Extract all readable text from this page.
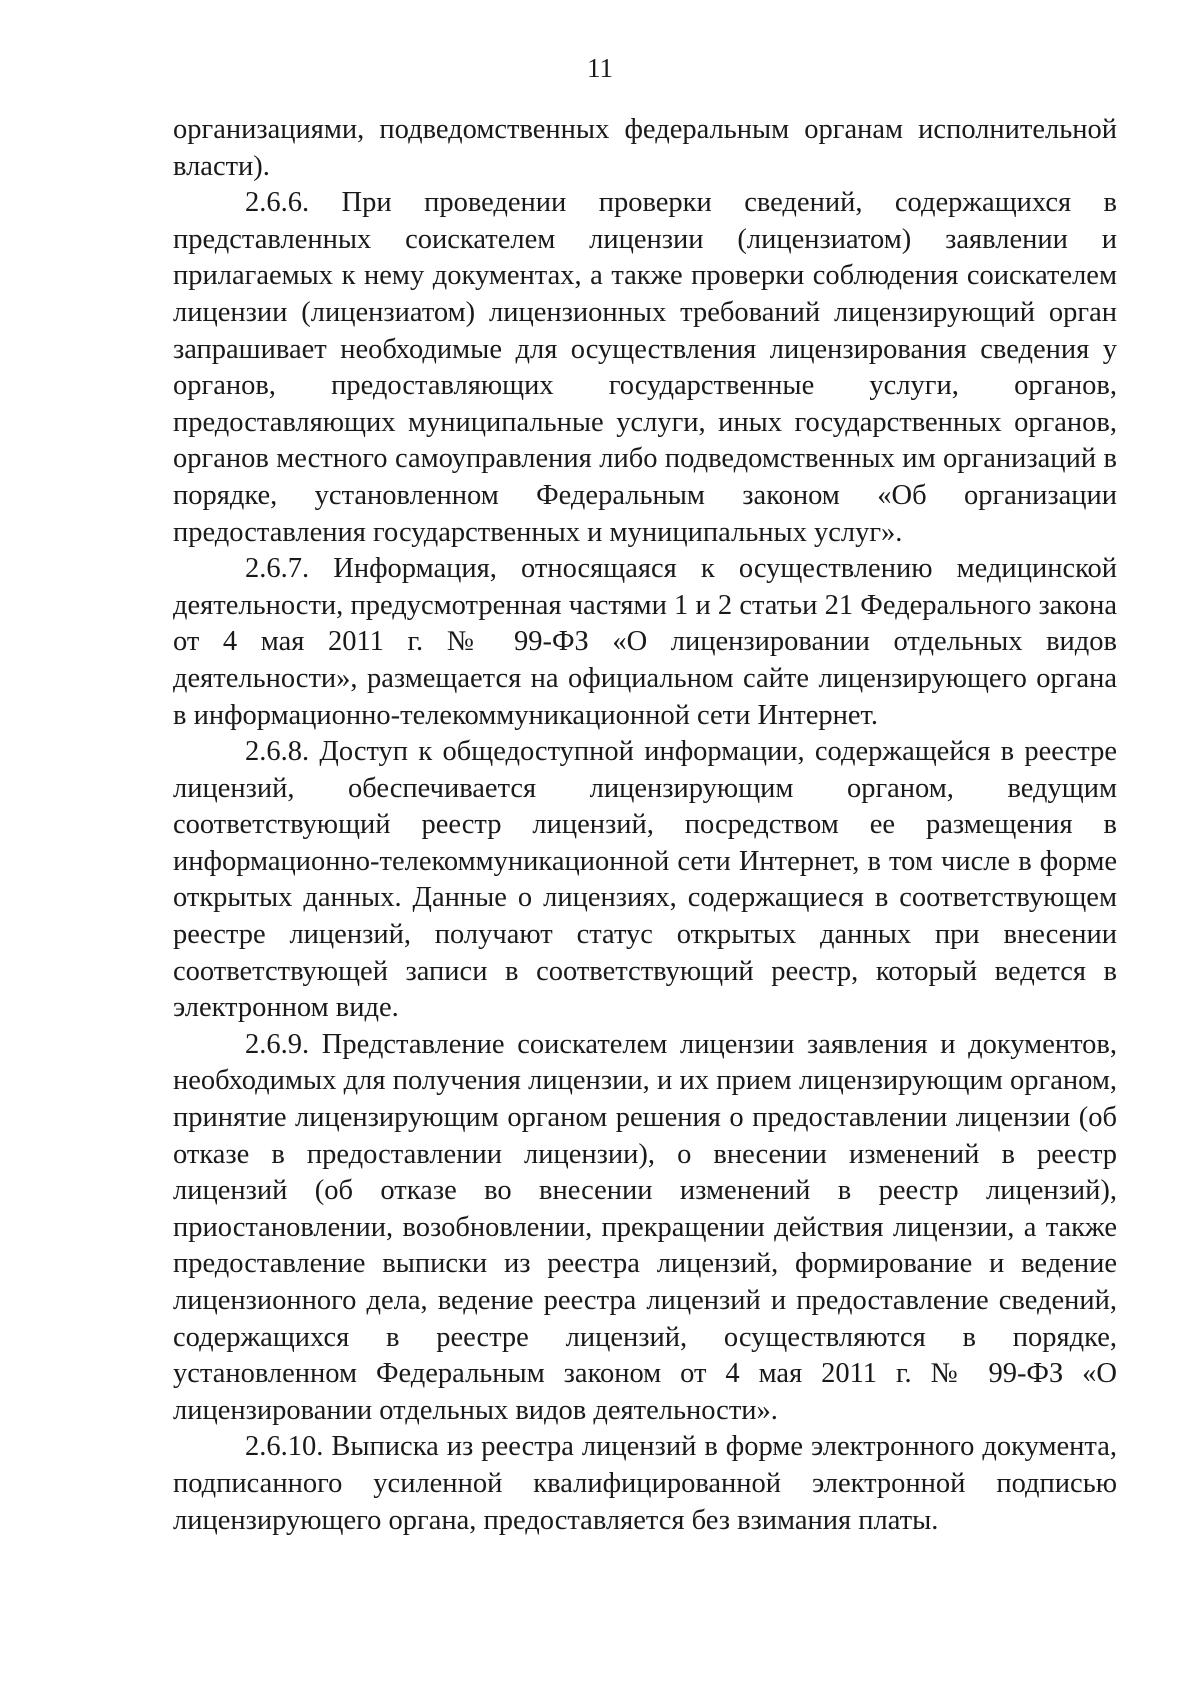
11

организациями, подведомственных федеральным органам исполнительной власти).

2.6.6. При проведении проверки сведений, содержащихся в представленных соискателем лицензии (лицензиатом) заявлении и прилагаемых к нему документах, а также проверки соблюдения соискателем лицензии (лицензиатом) лицензионных требований лицензирующий орган запрашивает необходимые для осуществления лицензирования сведения у органов, предоставляющих государственные услуги, органов, предоставляющих муниципальные услуги, иных государственных органов, органов местного самоуправления либо подведомственных им организаций в порядке, установленном Федеральным законом «Об организации предоставления государственных и муниципальных услуг».

2.6.7. Информация, относящаяся к осуществлению медицинской деятельности, предусмотренная частями 1 и 2 статьи 21 Федерального закона от 4 мая 2011 г. № 99-ФЗ «О лицензировании отдельных видов деятельности», размещается на официальном сайте лицензирующего органа в информационно-телекоммуникационной сети Интернет.

2.6.8. Доступ к общедоступной информации, содержащейся в реестре лицензий, обеспечивается лицензирующим органом, ведущим соответствующий реестр лицензий, посредством ее размещения в информационно-телекоммуникационной сети Интернет, в том числе в форме открытых данных. Данные о лицензиях, содержащиеся в соответствующем реестре лицензий, получают статус открытых данных при внесении соответствующей записи в соответствующий реестр, который ведется в электронном виде.

2.6.9. Представление соискателем лицензии заявления и документов, необходимых для получения лицензии, и их прием лицензирующим органом, принятие лицензирующим органом решения о предоставлении лицензии (об отказе в предоставлении лицензии), о внесении изменений в реестр лицензий (об отказе во внесении изменений в реестр лицензий), приостановлении, возобновлении, прекращении действия лицензии, а также предоставление выписки из реестра лицензий, формирование и ведение лицензионного дела, ведение реестра лицензий и предоставление сведений, содержащихся в реестре лицензий, осуществляются в порядке, установленном Федеральным законом от 4 мая 2011 г. № 99-ФЗ «О лицензировании отдельных видов деятельности».

2.6.10. Выписка из реестра лицензий в форме электронного документа, подписанного усиленной квалифицированной электронной подписью лицензирующего органа, предоставляется без взимания платы.
